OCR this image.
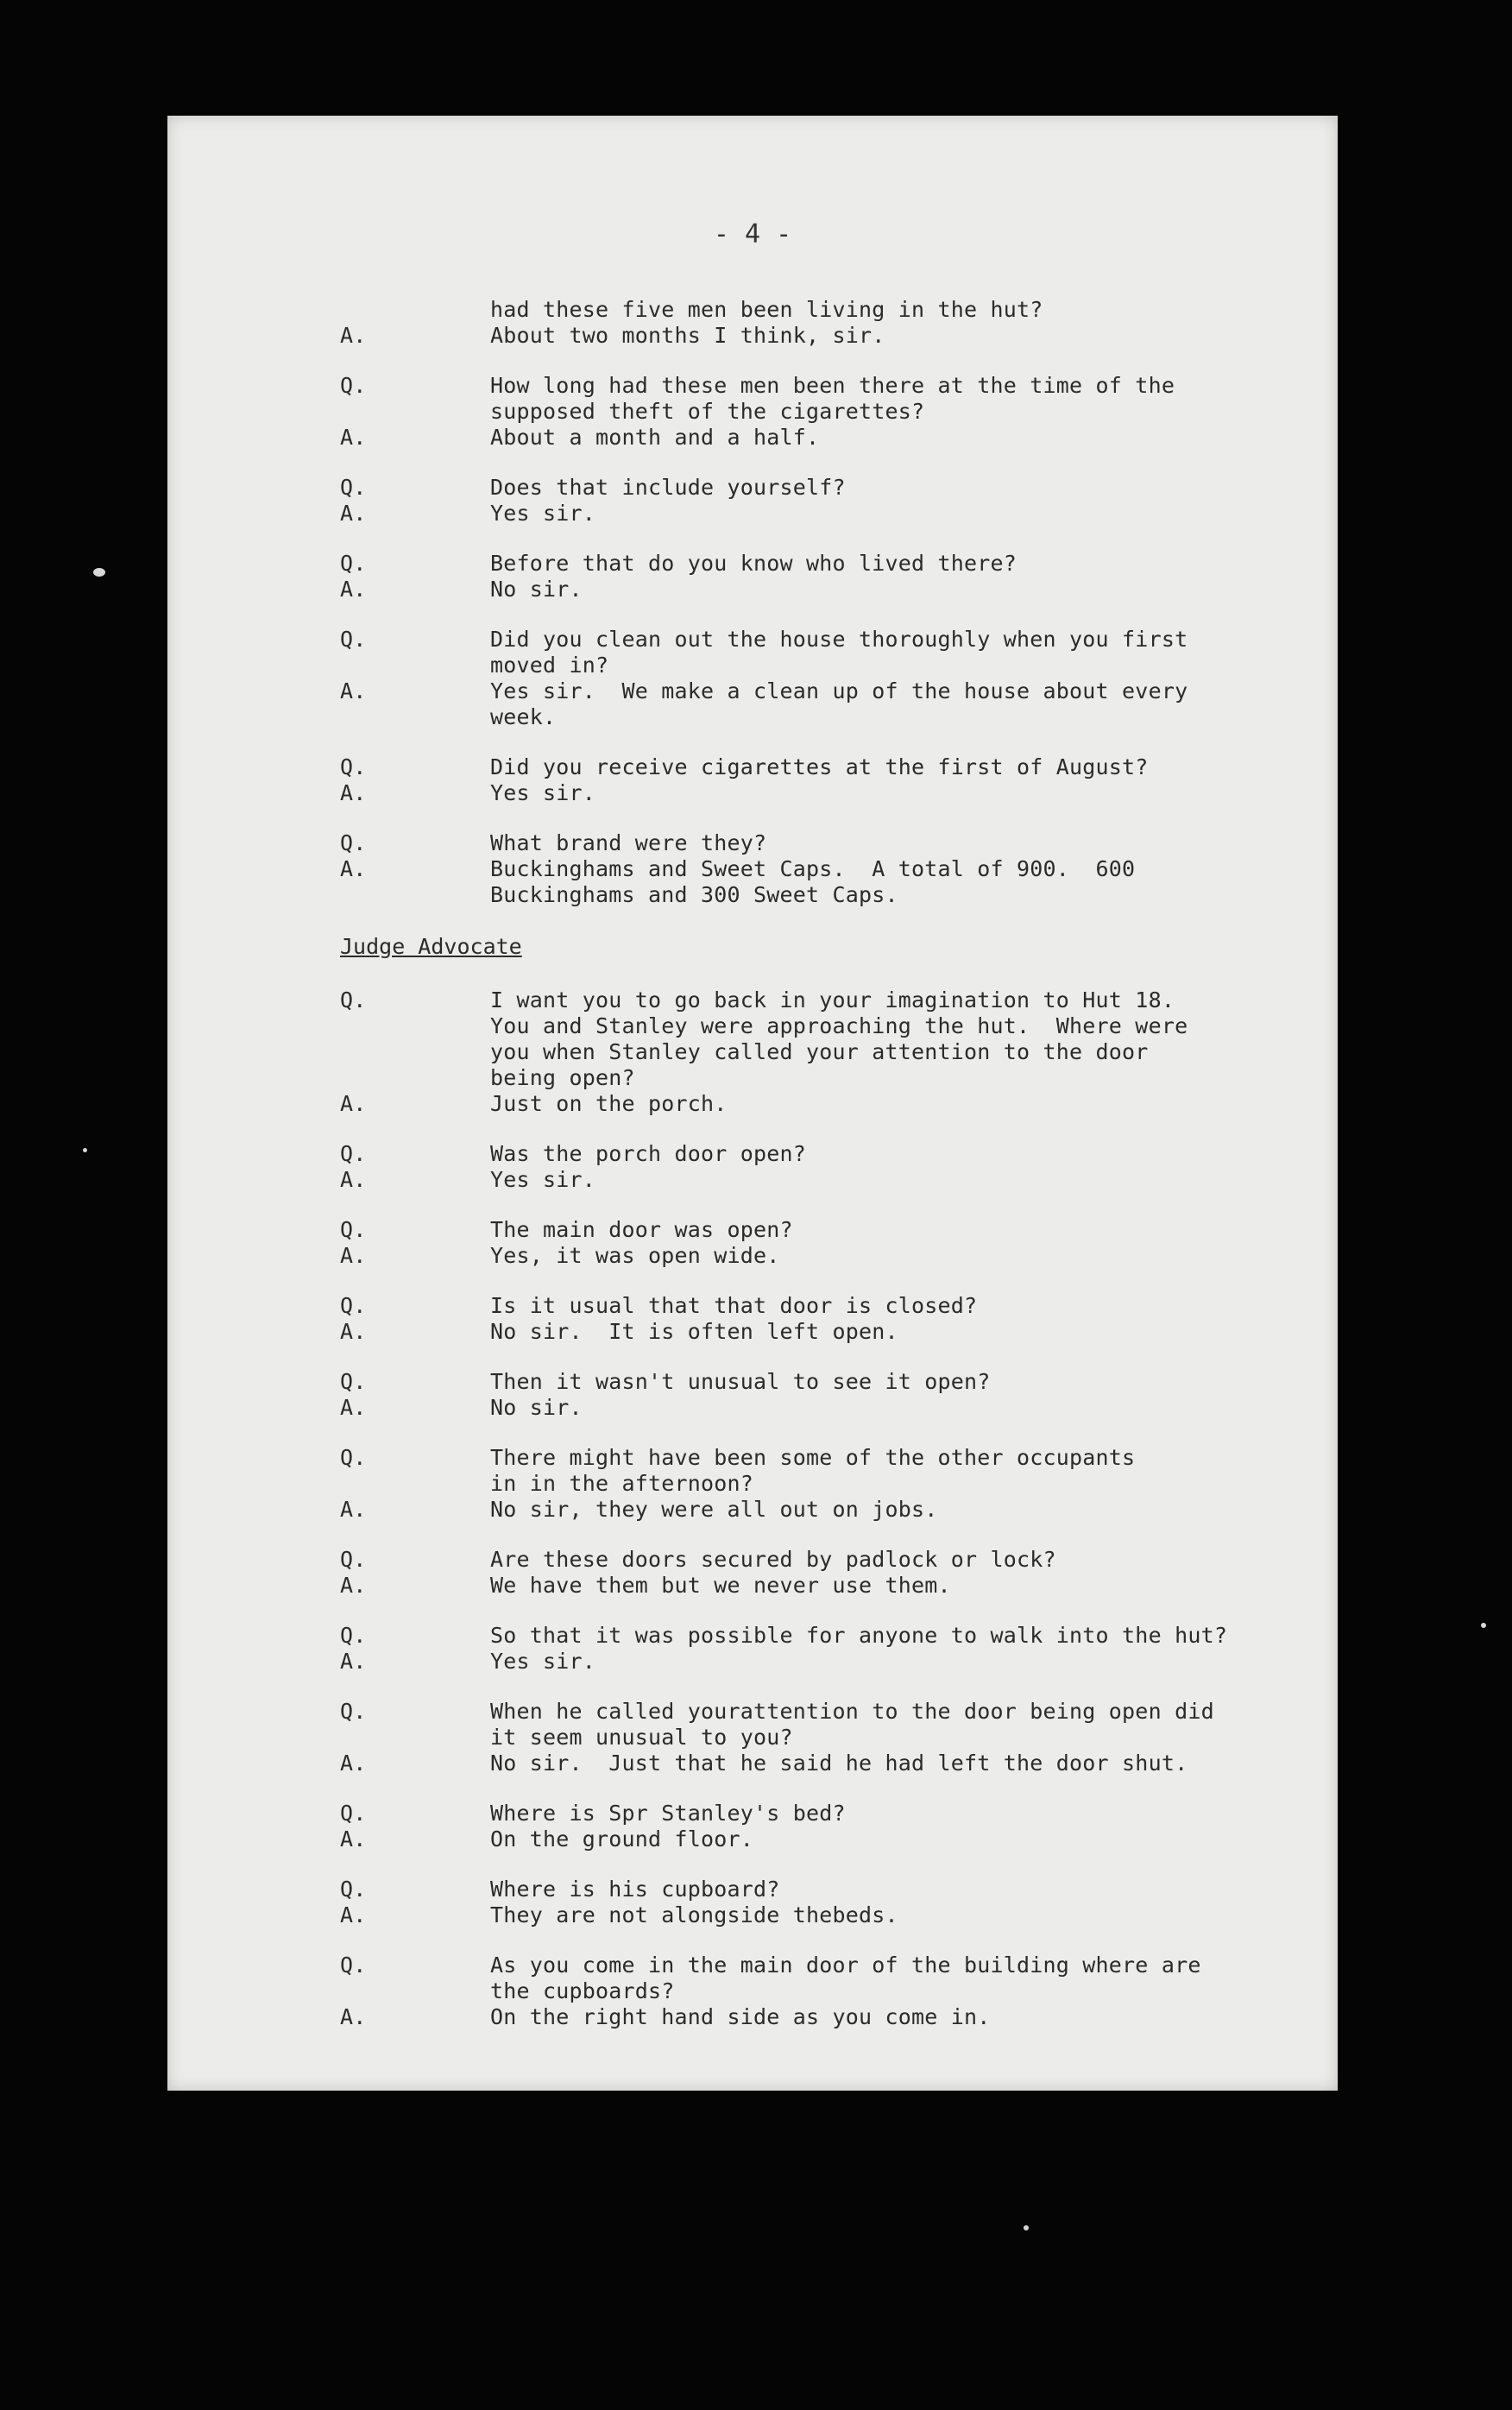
- 4 -
had these five men been living in the hut?
A.	About two months I think, sir.
Q.	How long had these men been there at the time of the
supposed theft of the cigarettes?
A.	About a month and a half.
Q.	Does that include yourself?
A.	Yes sir.
Q.	Before that do you know who lived there?
A.	No sir.
Q.	Did you clean out the house thoroughly when you first
moved in?
A.	Yes sir.  We make a clean up of the house about every
week.
Q.	Did you receive cigarettes at the first of August?
A.	Yes sir.
Q.	What brand were they?
A.	Buckinghams and Sweet Caps.  A total of 900.  600
Buckinghams and 300 Sweet Caps.
Judge Advocate
Q.	I want you to go back in your imagination to Hut 18.
You and Stanley were approaching the hut.  Where were
you when Stanley called your attention to the door
being open?
A.	Just on the porch.
Q.	Was the porch door open?
A.	Yes sir.
Q.	The main door was open?
A.	Yes, it was open wide.
Q.	Is it usual that that door is closed?
A.	No sir.  It is often left open.
Q.	Then it wasn't unusual to see it open?
A.	No sir.
Q.	There might have been some of the other occupants
in in the afternoon?
A.	No sir, they were all out on jobs.
Q.	Are these doors secured by padlock or lock?
A.	We have them but we never use them.
Q.	So that it was possible for anyone to walk into the hut?
A.	Yes sir.
Q.	When he called yourattention to the door being open did
it seem unusual to you?
A.	No sir.  Just that he said he had left the door shut.
Q.	Where is Spr Stanley's bed?
A.	On the ground floor.
Q.	Where is his cupboard?
A.	They are not alongside thebeds.
Q.	As you come in the main door of the building where are
the cupboards?
A.	On the right hand side as you come in.
